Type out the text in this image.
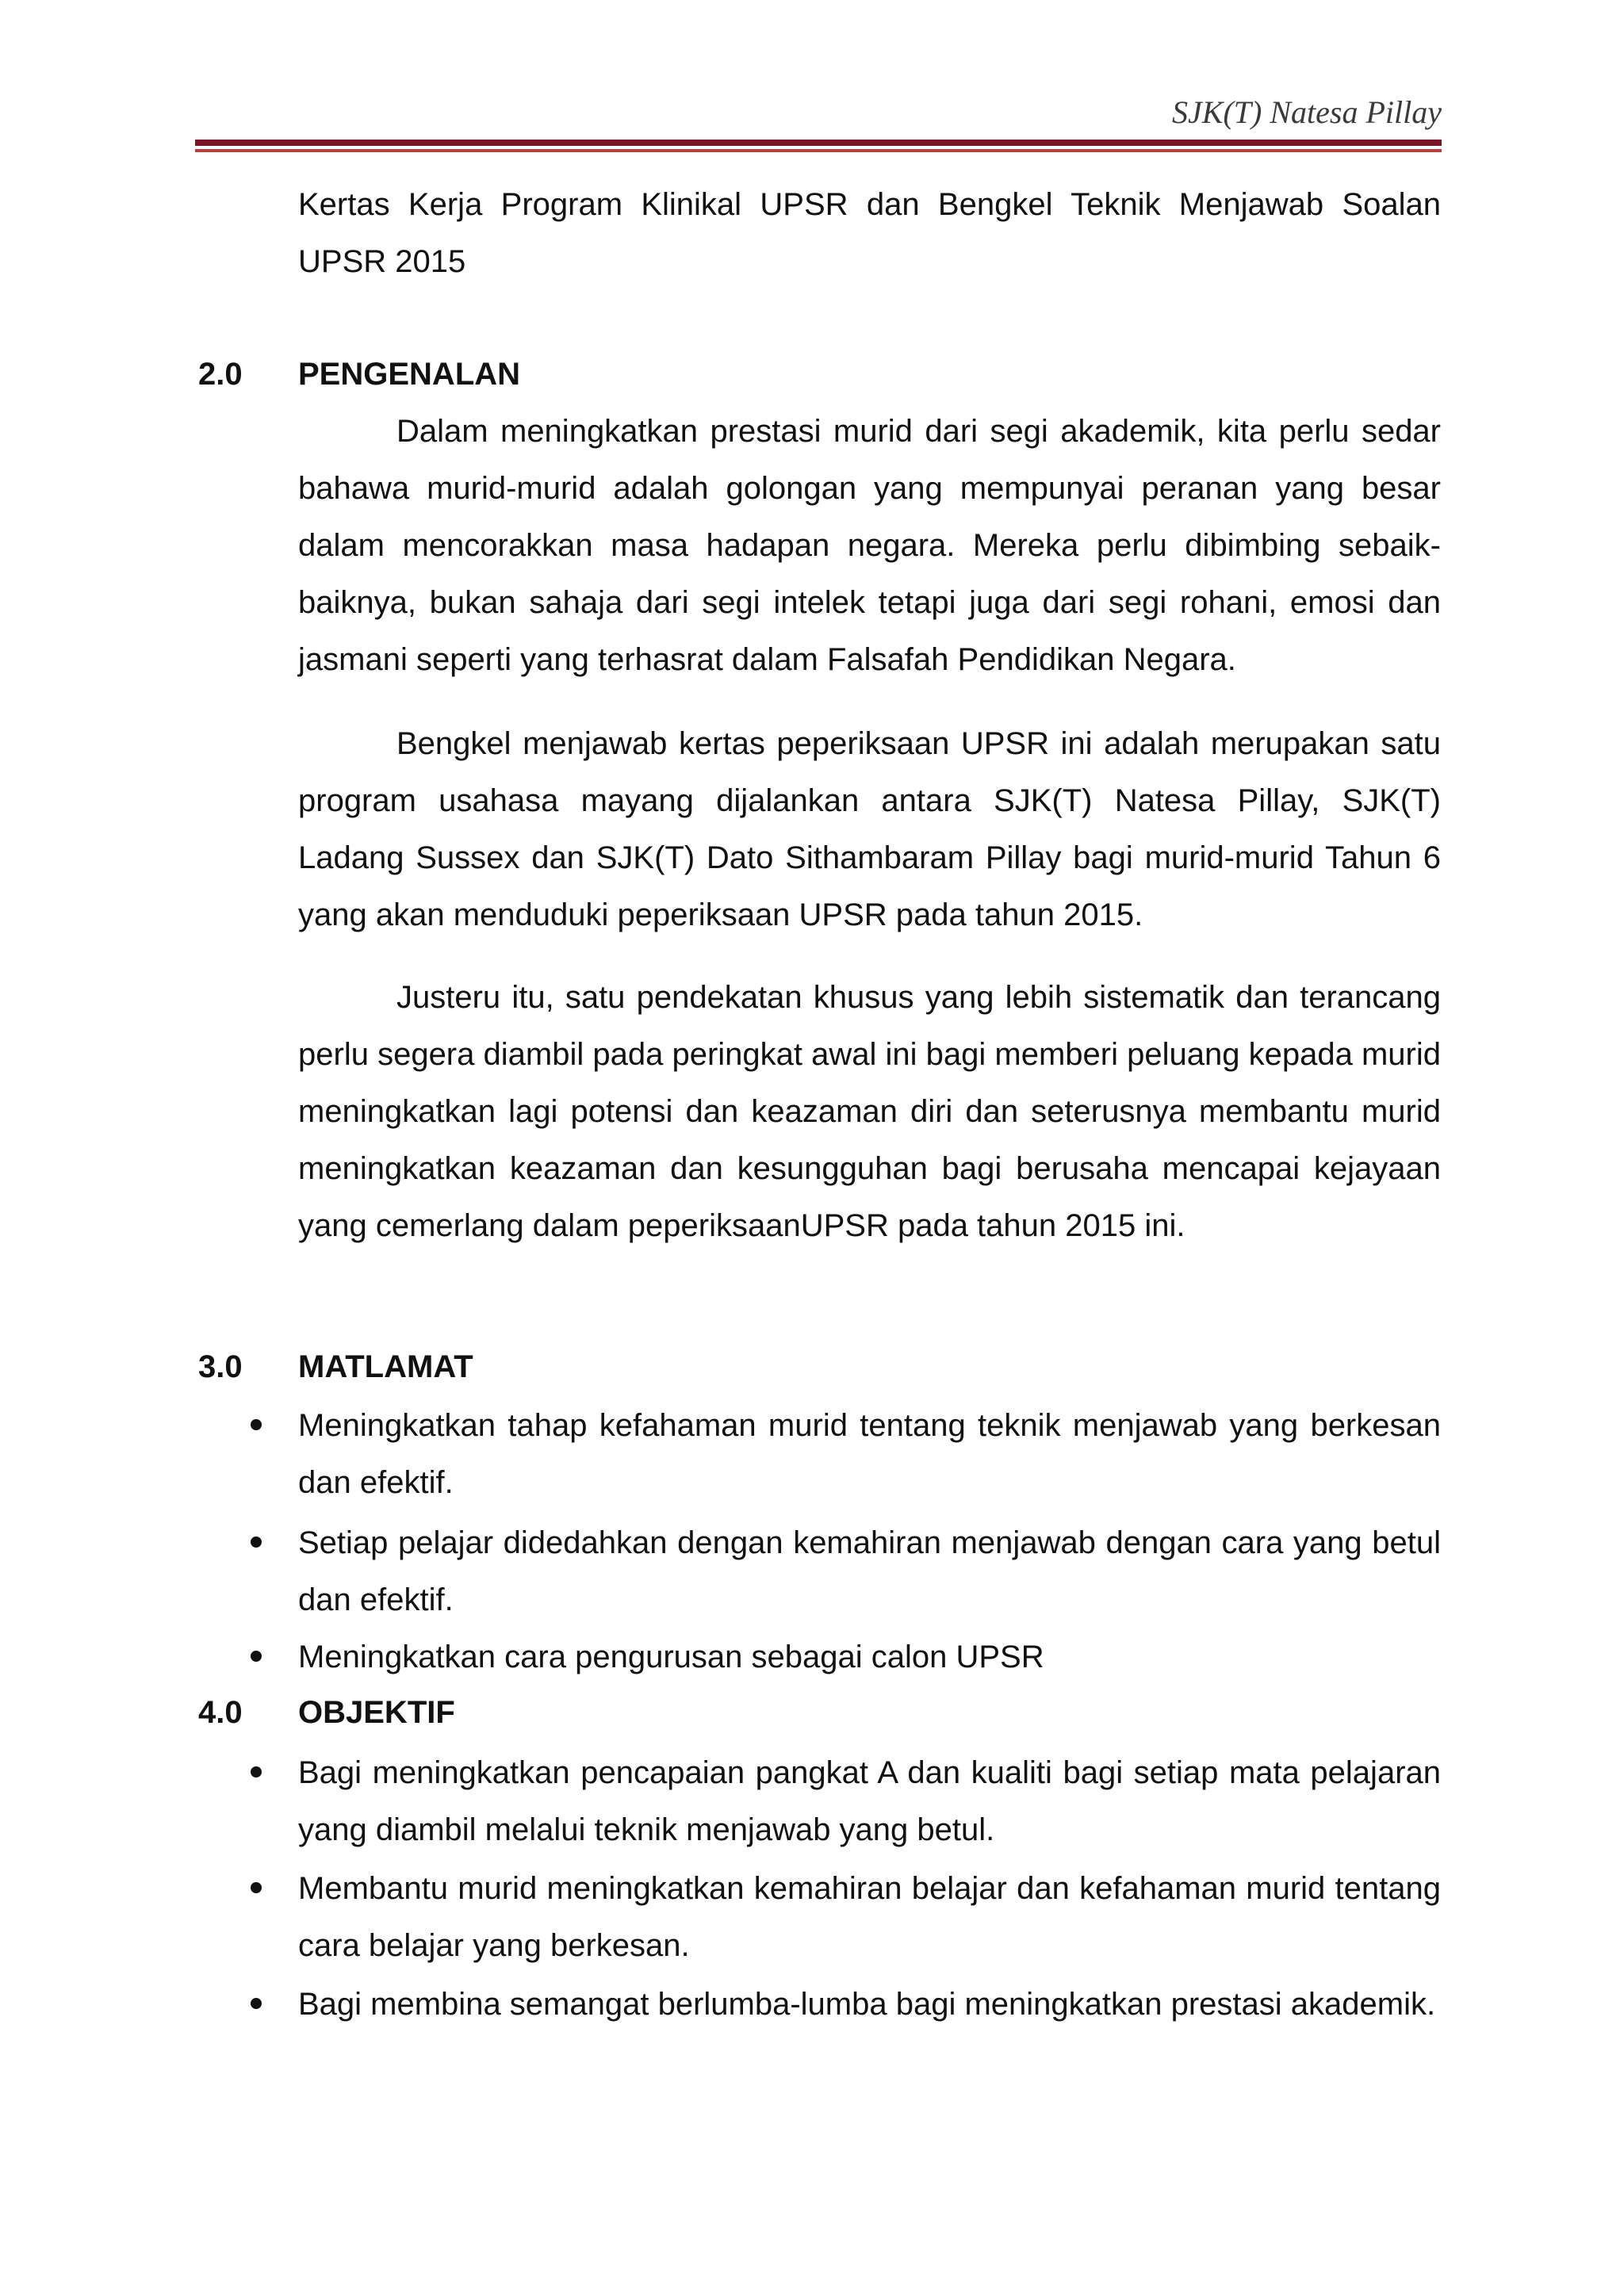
SJK(T) Natesa Pillay
Kertas Kerja Program Klinikal UPSR dan Bengkel Teknik Menjawab Soalan UPSR 2015
2.0 PENGENALAN
Dalam meningkatkan prestasi murid dari segi akademik, kita perlu sedar bahawa murid-murid adalah golongan yang mempunyai peranan yang besar dalam mencorakkan masa hadapan negara. Mereka perlu dibimbing sebaik-baiknya, bukan sahaja dari segi intelek tetapi juga dari segi rohani, emosi dan jasmani seperti yang terhasrat dalam Falsafah Pendidikan Negara.
Bengkel menjawab kertas peperiksaan UPSR ini adalah merupakan satu program usahasa mayang dijalankan antara SJK(T) Natesa Pillay, SJK(T) Ladang Sussex dan SJK(T) Dato Sithambaram Pillay bagi murid-murid Tahun 6 yang akan menduduki peperiksaan UPSR pada tahun 2015.
Justeru itu, satu pendekatan khusus yang lebih sistematik dan terancang perlu segera diambil pada peringkat awal ini bagi memberi peluang kepada murid meningkatkan lagi potensi dan keazaman diri dan seterusnya membantu murid meningkatkan keazaman dan kesungguhan bagi berusaha mencapai kejayaan yang cemerlang dalam peperiksaanUPSR pada tahun 2015 ini.
3.0 MATLAMAT
Meningkatkan tahap kefahaman murid tentang teknik menjawab yang berkesan dan efektif.
Setiap pelajar didedahkan dengan kemahiran menjawab dengan cara yang betul dan efektif.
Meningkatkan cara pengurusan sebagai calon UPSR
4.0 OBJEKTIF
Bagi meningkatkan pencapaian pangkat A dan kualiti bagi setiap mata pelajaran yang diambil melalui teknik menjawab yang betul.
Membantu murid meningkatkan kemahiran belajar dan kefahaman murid tentang cara belajar yang berkesan.
Bagi membina semangat berlumba-lumba bagi meningkatkan prestasi akademik.
